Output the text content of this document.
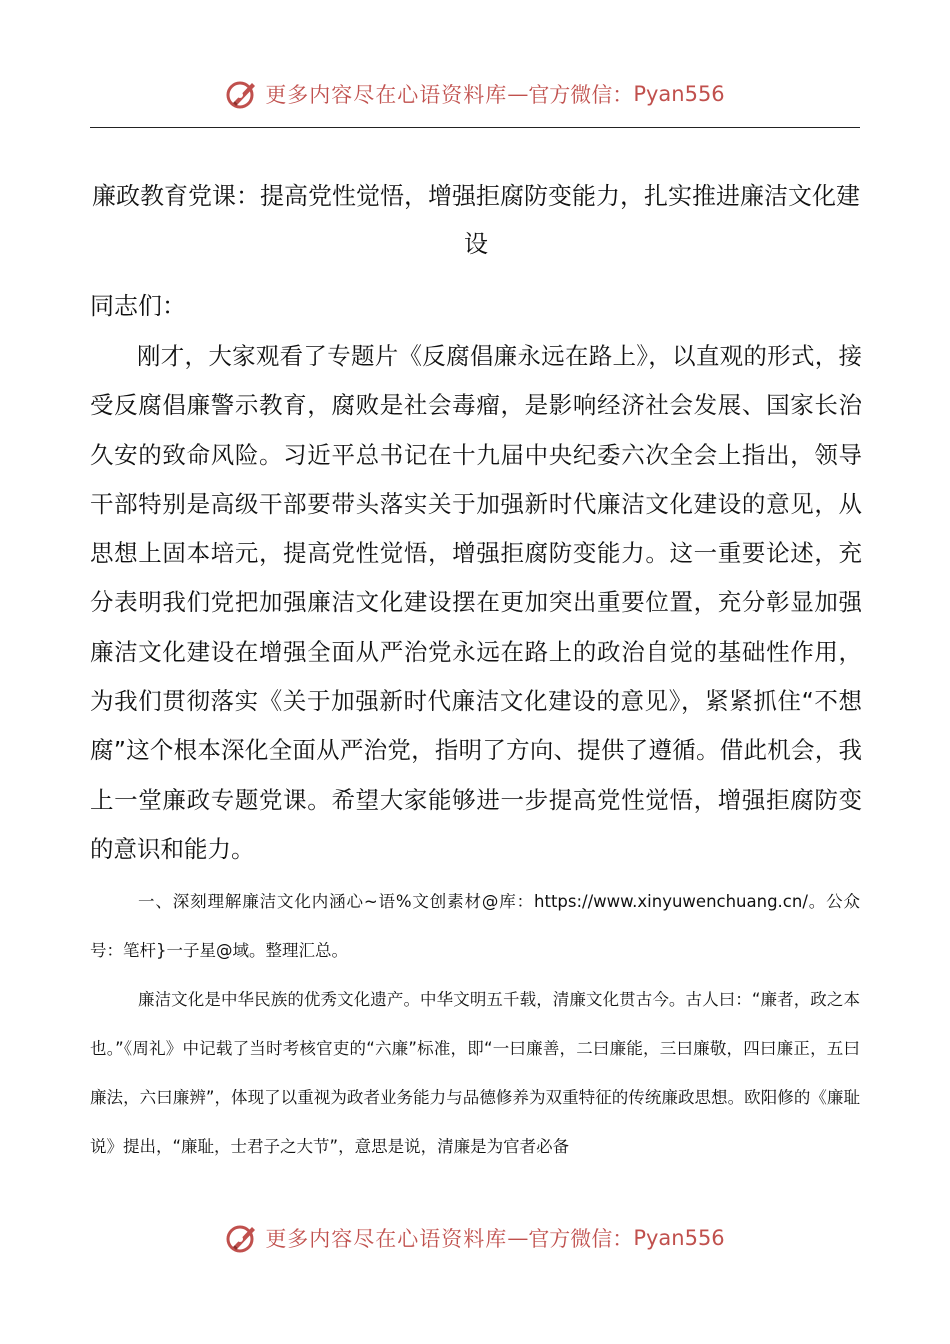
更多内容尽在心语资料库 — 官方微信： Pyan556
廉政教育党课：提高党性觉悟，增强拒腐防变能力，扎实推进廉洁文化建设
同志们：

刚才，大家观看了专题片《反腐倡廉永远在路上》，以直观的形式，接受反腐倡廉警示教育，腐败是社会毒瘤，是影响经济社会发展、国家长治久安的致命风险。习近平总书记在十九届中央纪委六次全会上指出，领导干部特别是高级干部要带头落实关于加强新时代廉洁文化建设的意见，从思想上固本培元，提高党性觉悟，增强拒腐防变能力。这一重要论述，充分表明我们党把加强廉洁文化建设摆在更加突出重要位置，充分彰显加强廉洁文化建设在增强全面从严治党永远在路上的政治自觉的基础性作用，为我们贯彻落实《关于加强新时代廉洁文化建设的意见》，紧紧抓住“不想腐”这个根本深化全面从严治党，指明了方向、提供了遵循。借此机会，我上一堂廉政专题党课。希望大家能够进一步提高党性觉悟，增强拒腐防变的意识和能力。

一、深刻理解廉洁文化内涵心~语%文创素材@库：https://www.xinyuwenchuang.cn/。公众号：笔杆}一子星@域。整理汇总。

廉洁文化是中华民族的优秀文化遗产。中华文明五千载，清廉文化贯古今。古人曰：“廉者，政之本也。”《周礼》中记载了当时考核官吏的“六廉”标准，即“一曰廉善，二曰廉能，三曰廉敬，四曰廉正，五曰廉法，六曰廉辨”，体现了以重视为政者业务能力与品德修养为双重特征的传统廉政思想。欧阳修的《廉耻说》提出，“廉耻，士君子之大节”，意思是说，清廉是为官者必备

更多内容尽在心语资料库 — 官方微信： Pyan556
